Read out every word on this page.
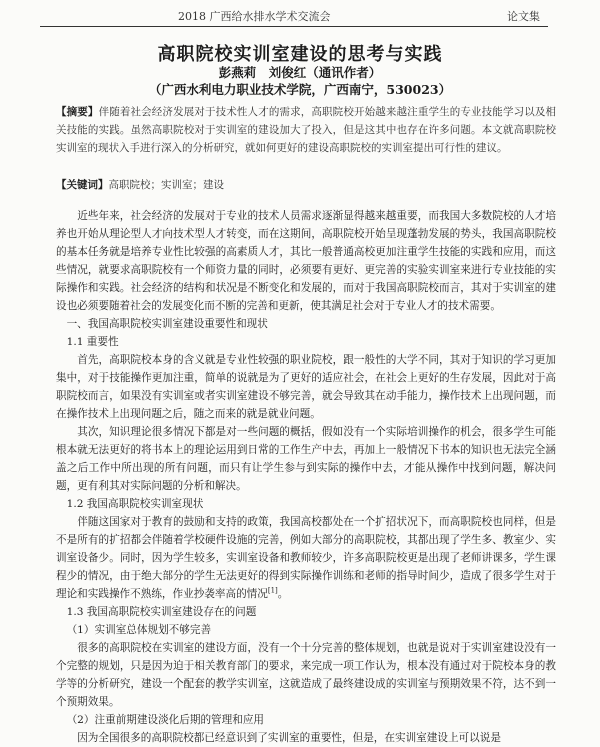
2018 广西给水排水学术交流会	论文集
高职院校实训室建设的思考与实践
彭燕莉　刘俊红（通讯作者）
（广西水利电力职业技术学院，广西南宁，530023）
【摘要】伴随着社会经济发展对于技术性人才的需求，高职院校开始越来越注重学生的专业技能学习以及相关技能的实践。虽然高职院校对于实训室的建设加大了投入，但是这其中也存在许多问题。本文就高职院校实训室的现状入手进行深入的分析研究，就如何更好的建设高职院校的实训室提出可行性的建议。
【关键词】高职院校；实训室；建设

近些年来，社会经济的发展对于专业的技术人员需求逐渐显得越来越重要，而我国大多数院校的人才培养也开始从理论型人才向技术型人才转变，而在这期间，高职院校开始呈现蓬勃发展的势头，我国高职院校的基本任务就是培养专业性比较强的高素质人才，其比一般普通高校更加注重学生技能的实践和应用，而这些情况，就要求高职院校有一个师资力量的同时，必须要有更好、更完善的实验实训室来进行专业技能的实际操作和实践。社会经济的结构和状况是不断变化和发展的，而对于我国高职院校而言，其对于实训室的建设也必须要随着社会的发展变化而不断的完善和更新，使其满足社会对于专业人才的技术需要。

一、我国高职院校实训室建设重要性和现状

1.1 重要性

首先，高职院校本身的含义就是专业性较强的职业院校，跟一般性的大学不同，其对于知识的学习更加集中，对于技能操作更加注重，简单的说就是为了更好的适应社会，在社会上更好的生存发展，因此对于高职院校而言，如果没有实训室或者实训室建设不够完善，就会导致其在动手能力，操作技术上出现问题，而在操作技术上出现问题之后，随之而来的就是就业问题。

其次，知识理论很多情况下都是对一些问题的概括，假如没有一个实际培训操作的机会，很多学生可能根本就无法更好的将书本上的理论运用到日常的工作生产中去，再加上一般情况下书本的知识也无法完全涵盖之后工作中所出现的所有问题，而只有让学生参与到实际的操作中去，才能从操作中找到问题，解决问题，更有利其对实际问题的分析和解决。

1.2 我国高职院校实训室现状

伴随这国家对于教育的鼓励和支持的政策，我国高校都处在一个扩招状况下，而高职院校也同样，但是不是所有的扩招都会伴随着学校硬件设施的完善，例如大部分的高职院校，其都出现了学生多、教室少、实训室设备少。同时，因为学生较多，实训室设备和教师较少，许多高职院校更是出现了老师讲课多，学生课程少的情况，由于绝大部分的学生无法更好的得到实际操作训练和老师的指导时间少，造成了很多学生对于理论和实践操作不熟练，作业抄袭率高的情况[1]。

1.3 我国高职院校实训室建设存在的问题

（1）实训室总体规划不够完善

很多的高职院校在实训室的建设方面，没有一个十分完善的整体规划，也就是说对于实训室建设没有一个完整的规划，只是因为迫于相关教育部门的要求，来完成一项工作认为，根本没有通过对于院校本身的教学等的分析研究，建设一个配套的教学实训室，这就造成了最终建设成的实训室与预期效果不符，达不到一个预期效果。

（2）注重前期建设淡化后期的管理和应用

因为全国很多的高职院校都已经意识到了实训室的重要性，但是，在实训室建设上可以说是
